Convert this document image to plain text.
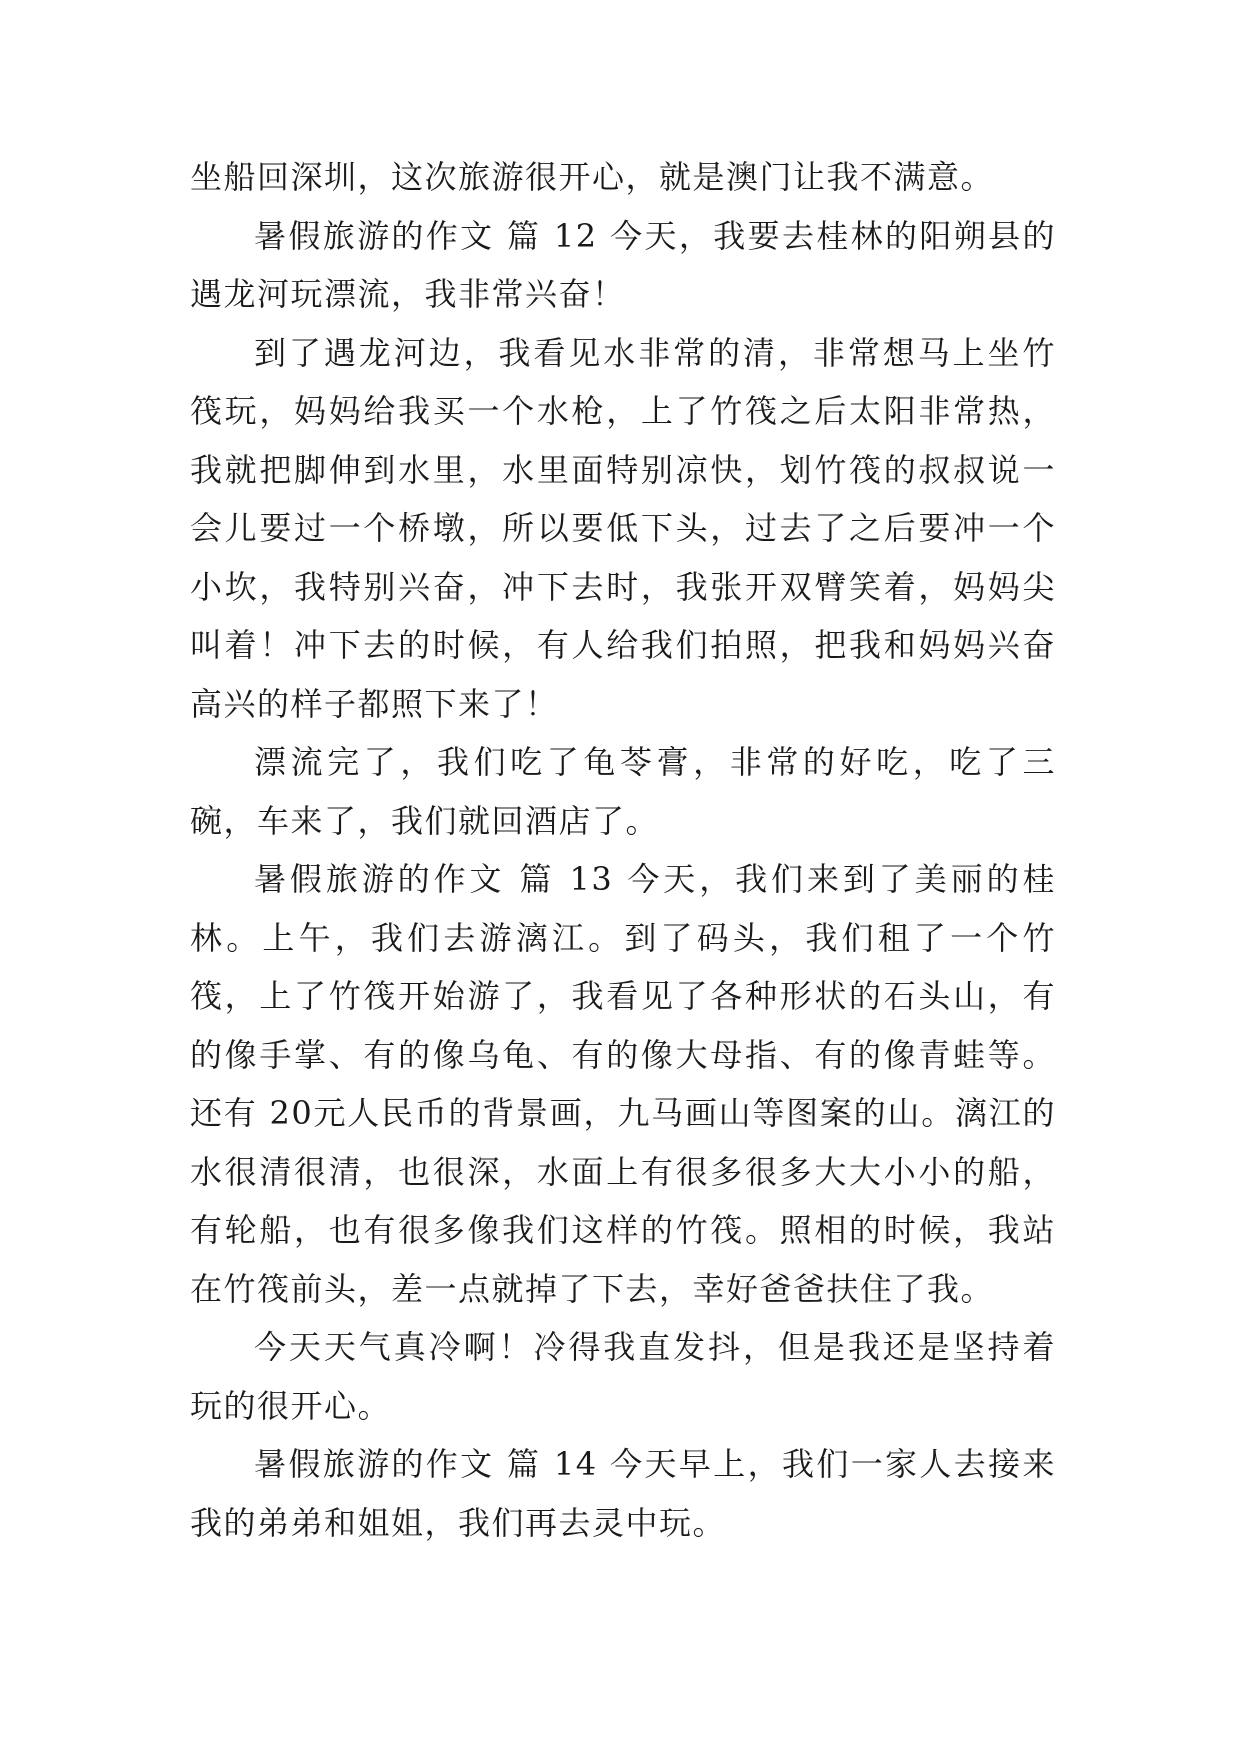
坐船回深圳，这次旅游很开心，就是澳门让我不满意。

暑假旅游的作文 篇 12 今天，我要去桂林的阳朔县的遇龙河玩漂流，我非常兴奋！

到了遇龙河边，我看见水非常的清，非常想马上坐竹筏玩，妈妈给我买一个水枪，上了竹筏之后太阳非常热，我就把脚伸到水里，水里面特别凉快，划竹筏的叔叔说一会儿要过一个桥墩，所以要低下头，过去了之后要冲一个小坎，我特别兴奋，冲下去时，我张开双臂笑着，妈妈尖叫着！冲下去的时候，有人给我们拍照，把我和妈妈兴奋高兴的样子都照下来了！

漂流完了，我们吃了龟苓膏，非常的好吃，吃了三碗，车来了，我们就回酒店了。

暑假旅游的作文 篇 13 今天，我们来到了美丽的桂林。上午，我们去游漓江。到了码头，我们租了一个竹筏，上了竹筏开始游了，我看见了各种形状的石头山，有的像手掌、有的像乌龟、有的像大母指、有的像青蛙等。还有 20元人民币的背景画，九马画山等图案的山。漓江的水很清很清，也很深，水面上有很多很多大大小小的船，有轮船，也有很多像我们这样的竹筏。照相的时候，我站在竹筏前头，差一点就掉了下去，幸好爸爸扶住了我。

今天天气真冷啊！冷得我直发抖，但是我还是坚持着玩的很开心。

暑假旅游的作文 篇 14 今天早上，我们一家人去接来我的弟弟和姐姐，我们再去灵中玩。
